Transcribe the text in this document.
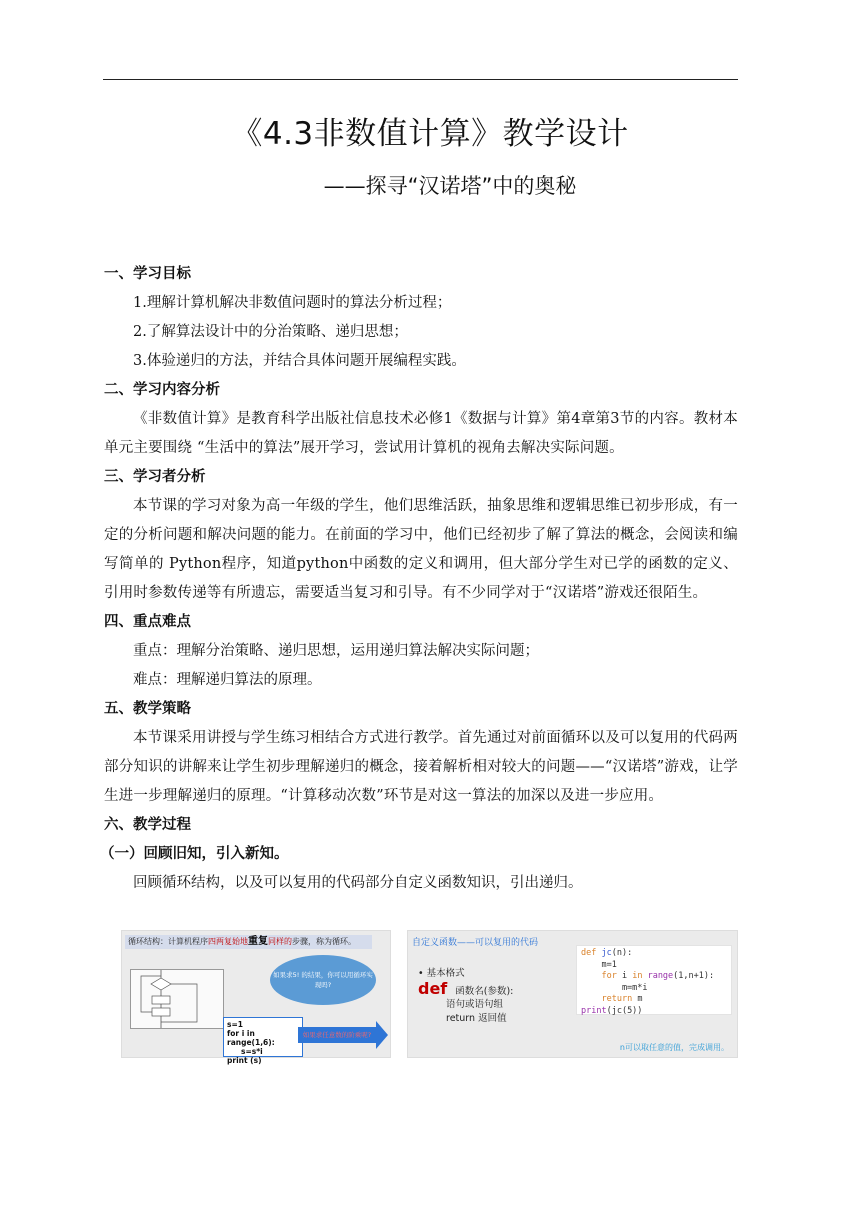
《4.3非数值计算》教学设计
——探寻“汉诺塔”中的奥秘
一、学习目标
1.理解计算机解决非数值问题时的算法分析过程；
2.了解算法设计中的分治策略、递归思想；
3.体验递归的方法，并结合具体问题开展编程实践。
二、学习内容分析
《非数值计算》是教育科学出版社信息技术必修1《数据与计算》第4章第3节的内容。教材本单元主要围绕 “生活中的算法”展开学习，尝试用计算机的视角去解决实际问题。
三、学习者分析
本节课的学习对象为高一年级的学生，他们思维活跃，抽象思维和逻辑思维已初步形成，有一定的分析问题和解决问题的能力。在前面的学习中，他们已经初步了解了算法的概念，会阅读和编写简单的 Python程序，知道python中函数的定义和调用，但大部分学生对已学的函数的定义、引用时参数传递等有所遗忘，需要适当复习和引导。有不少同学对于“汉诺塔”游戏还很陌生。
四、重点难点
重点：理解分治策略、递归思想，运用递归算法解决实际问题；
难点：理解递归算法的原理。
五、教学策略
本节课采用讲授与学生练习相结合方式进行教学。首先通过对前面循环以及可以复用的代码两部分知识的讲解来让学生初步理解递归的概念，接着解析相对较大的问题——“汉诺塔”游戏，让学生进一步理解递归的原理。“计算移动次数”环节是对这一算法的加深以及进一步应用。
六、教学过程
（一）回顾旧知，引入新知。
回顾循环结构，以及可以复用的代码部分自定义函数知识，引出递归。
循环结构：计算机程序四两复始地重复同样的步骤，称为循环。
如果求5! 的结果，你可以用循环实现吗?
s=1
for i in range(1,6):
s=s*i
print (s)
如果求任意数的阶乘呢?
自定义函数——可以复用的代码
• 基本格式
def 函数名(参数):
语句或语句组
return 返回值
def jc(n):
m=1
for i in range(1,n+1):
m=m*i
return m
print(jc(5))
n可以取任意的值，完成调用。
